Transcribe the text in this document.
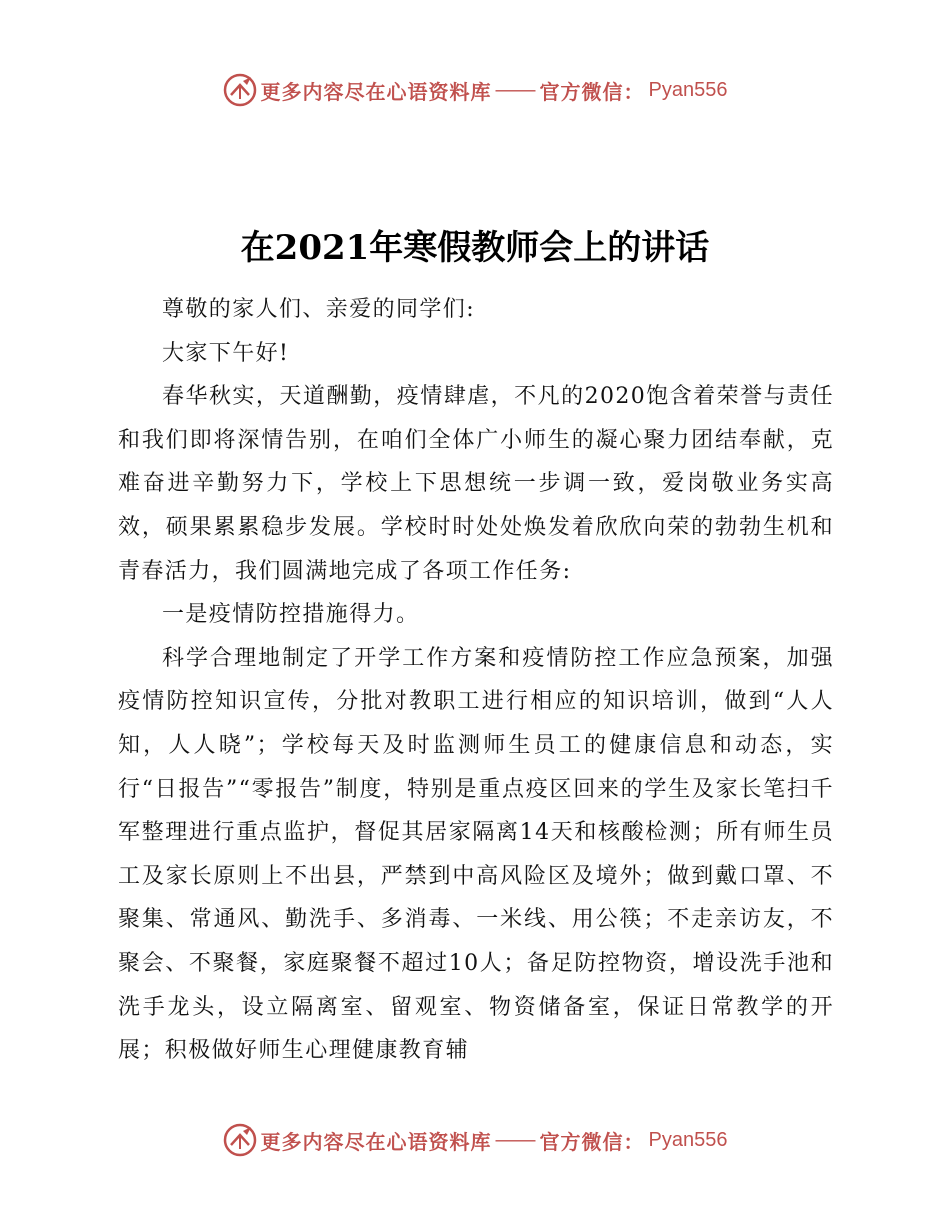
更多内容尽在心语资料库 —— 官方微信： Pyan556
在2021年寒假教师会上的讲话

尊敬的家人们、亲爱的同学们:

大家下午好!

春华秋实，天道酬勤，疫情肆虐，不凡的2020饱含着荣誉与责任和我们即将深情告别，在咱们全体广小师生的凝心聚力团结奉献，克难奋进辛勤努力下，学校上下思想统一步调一致，爱岗敬业务实高效，硕果累累稳步发展。学校时时处处焕发着欣欣向荣的勃勃生机和青春活力，我们圆满地完成了各项工作任务:

一是疫情防控措施得力。

科学合理地制定了开学工作方案和疫情防控工作应急预案，加强疫情防控知识宣传，分批对教职工进行相应的知识培训，做到“人人知，人人晓”；学校每天及时监测师生员工的健康信息和动态，实行“日报告”“零报告”制度，特别是重点疫区回来的学生及家长笔扫千军整理进行重点监护，督促其居家隔离14天和核酸检测；所有师生员工及家长原则上不出县，严禁到中高风险区及境外；做到戴口罩、不聚集、常通风、勤洗手、多消毒、一米线、用公筷；不走亲访友，不聚会、不聚餐，家庭聚餐不超过10人；备足防控物资，增设洗手池和洗手龙头，设立隔离室、留观室、物资储备室，保证日常教学的开展；积极做好师生心理健康教育辅

更多内容尽在心语资料库 —— 官方微信： Pyan556
